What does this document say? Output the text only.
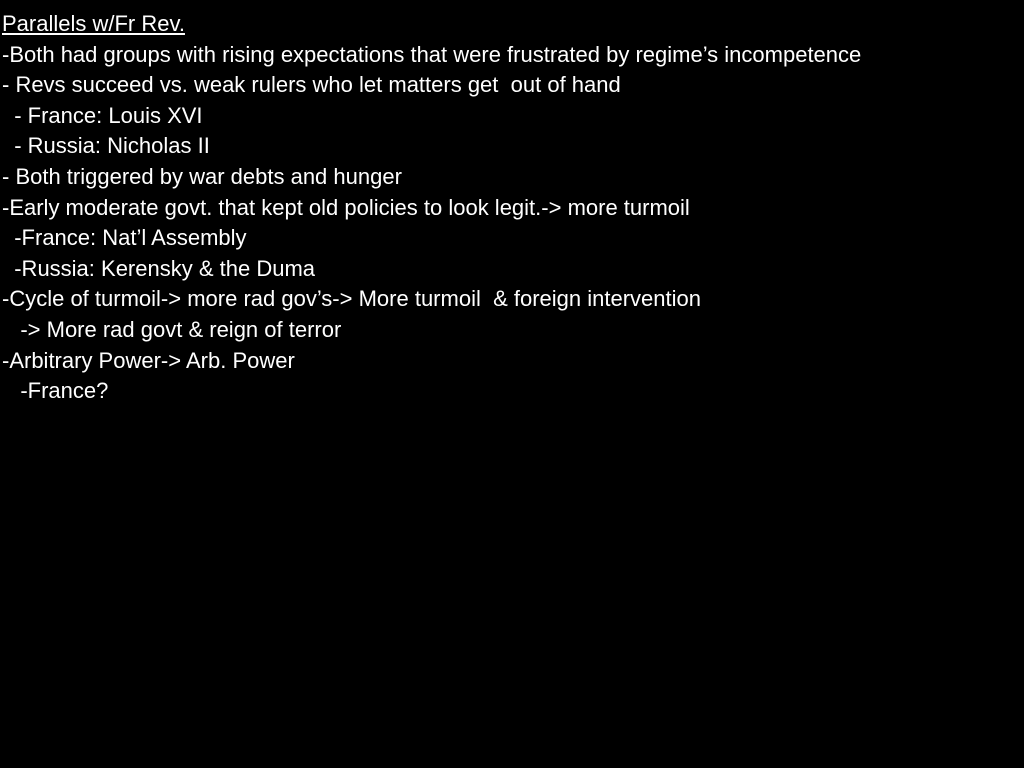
Parallels w/Fr Rev.
-Both had groups with rising expectations that were frustrated by regime’s incompetence
- Revs succeed vs. weak rulers who let matters get  out of hand
- France: Louis XVI
- Russia: Nicholas II
- Both triggered by war debts and hunger
-Early moderate govt. that kept old policies to look legit.-> more turmoil
-France: Nat’l Assembly
-Russia: Kerensky & the Duma
-Cycle of turmoil-> more rad gov’s-> More turmoil  & foreign intervention
-> More rad govt & reign of terror
-Arbitrary Power-> Arb. Power
-France?
